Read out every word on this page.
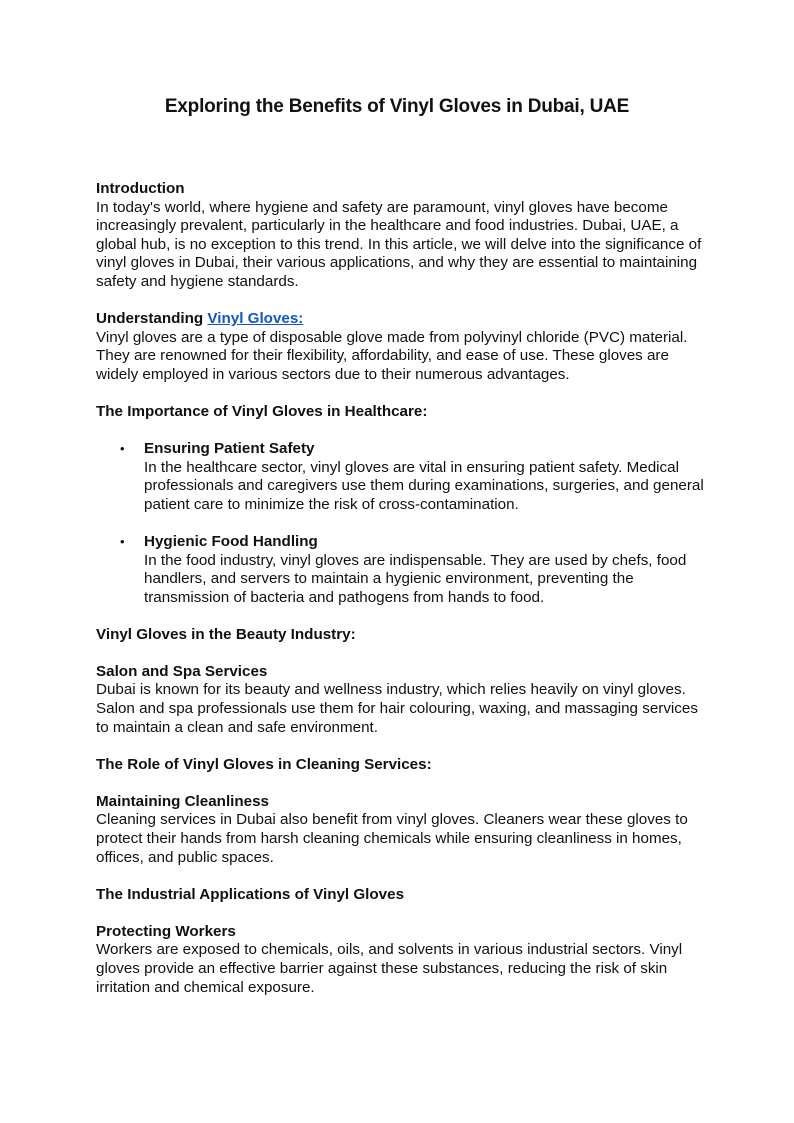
Exploring the Benefits of Vinyl Gloves in Dubai, UAE
Introduction
In today's world, where hygiene and safety are paramount, vinyl gloves have become increasingly prevalent, particularly in the healthcare and food industries. Dubai, UAE, a global hub, is no exception to this trend. In this article, we will delve into the significance of vinyl gloves in Dubai, their various applications, and why they are essential to maintaining safety and hygiene standards.
Understanding Vinyl Gloves:
Vinyl gloves are a type of disposable glove made from polyvinyl chloride (PVC) material. They are renowned for their flexibility, affordability, and ease of use. These gloves are widely employed in various sectors due to their numerous advantages.
The Importance of Vinyl Gloves in Healthcare:
• Ensuring Patient Safety
In the healthcare sector, vinyl gloves are vital in ensuring patient safety. Medical professionals and caregivers use them during examinations, surgeries, and general patient care to minimize the risk of cross-contamination.
• Hygienic Food Handling
In the food industry, vinyl gloves are indispensable. They are used by chefs, food handlers, and servers to maintain a hygienic environment, preventing the transmission of bacteria and pathogens from hands to food.
Vinyl Gloves in the Beauty Industry:
Salon and Spa Services
Dubai is known for its beauty and wellness industry, which relies heavily on vinyl gloves. Salon and spa professionals use them for hair colouring, waxing, and massaging services to maintain a clean and safe environment.
The Role of Vinyl Gloves in Cleaning Services:
Maintaining Cleanliness
Cleaning services in Dubai also benefit from vinyl gloves. Cleaners wear these gloves to protect their hands from harsh cleaning chemicals while ensuring cleanliness in homes, offices, and public spaces.
The Industrial Applications of Vinyl Gloves
Protecting Workers
Workers are exposed to chemicals, oils, and solvents in various industrial sectors. Vinyl gloves provide an effective barrier against these substances, reducing the risk of skin irritation and chemical exposure.
